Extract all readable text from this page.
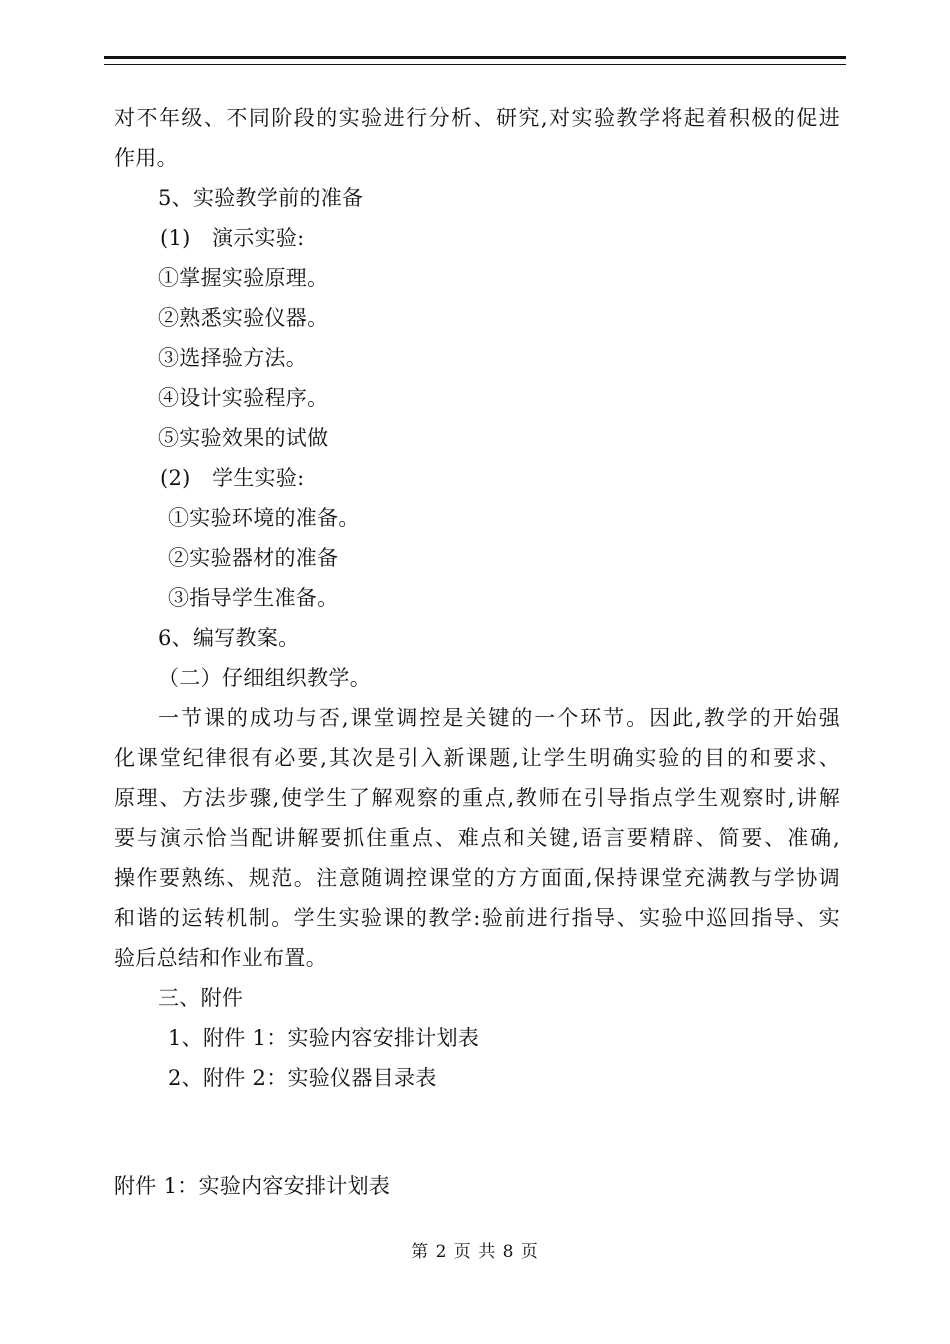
对不年级、不同阶段的实验进行分析、研究,对实验教学将起着积极的促进
作用。
5、实验教学前的准备
(1)　演示实验:
①掌握实验原理。
②熟悉实验仪器。
③选择验方法。
④设计实验程序。
⑤实验效果的试做
(2)　学生实验:
①实验环境的准备。
②实验器材的准备
③指导学生准备。
6、编写教案。
（二）仔细组织教学。
一节课的成功与否,课堂调控是关键的一个环节。因此,教学的开始强
化课堂纪律很有必要,其次是引入新课题,让学生明确实验的目的和要求、
原理、方法步骤,使学生了解观察的重点,教师在引导指点学生观察时,讲解
要与演示恰当配讲解要抓住重点、难点和关键,语言要精辟、简要、准确,
操作要熟练、规范。注意随调控课堂的方方面面,保持课堂充满教与学协调
和谐的运转机制。学生实验课的教学:验前进行指导、实验中巡回指导、实
验后总结和作业布置。
三、附件
1、附件 1：实验内容安排计划表
2、附件 2：实验仪器目录表
附件 1：实验内容安排计划表
第 2 页 共 8 页
